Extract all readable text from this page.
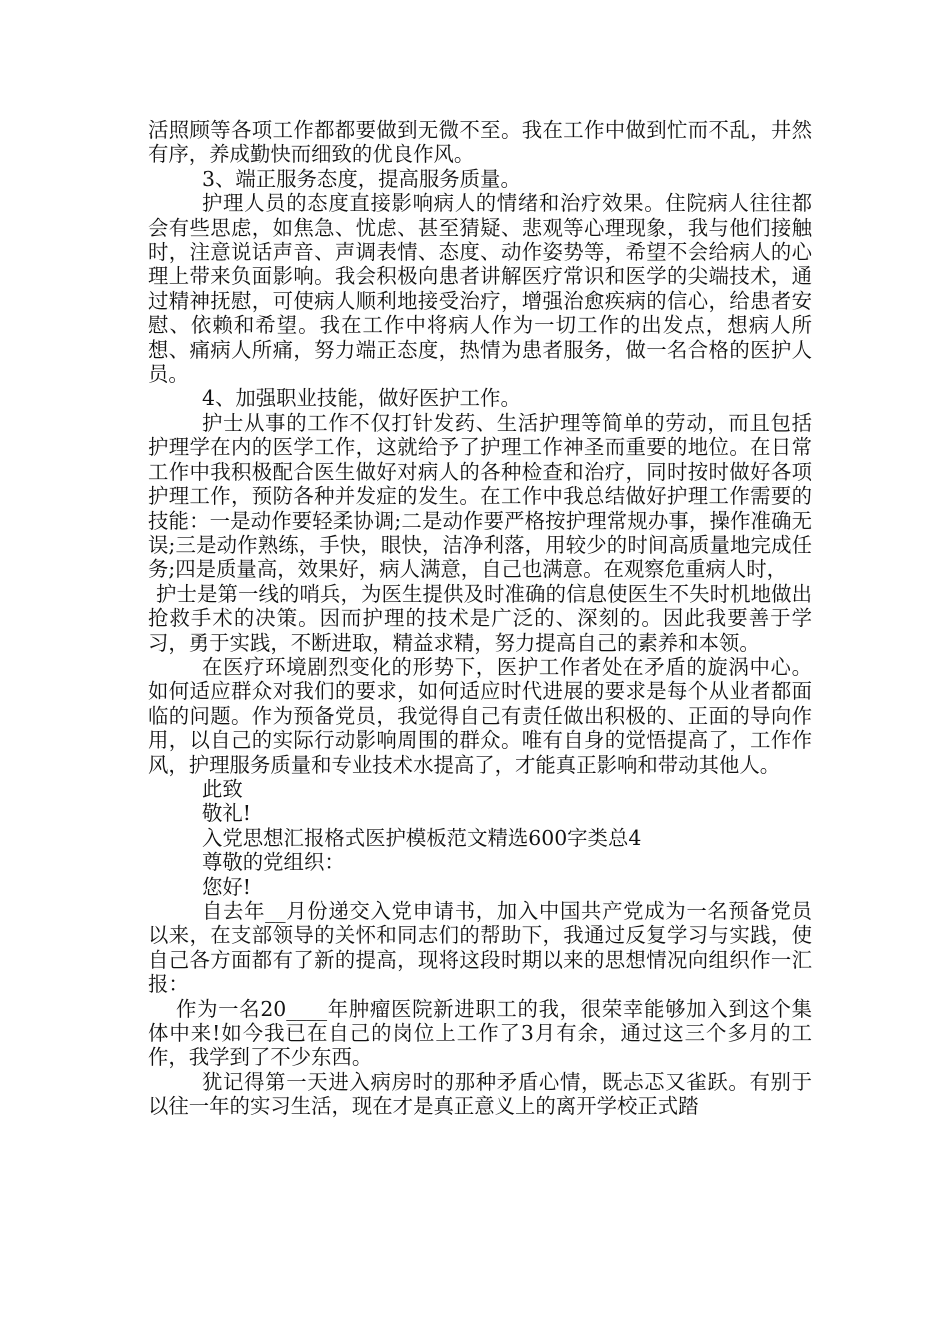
活照顾等各项工作都都要做到无微不至。我在工作中做到忙而不乱，井然有序，养成勤快而细致的优良作风。

3、端正服务态度，提高服务质量。

护理人员的态度直接影响病人的情绪和治疗效果。住院病人往往都会有些思虑，如焦急、忧虑、甚至猜疑、悲观等心理现象，我与他们接触时，注意说话声音、声调表情、态度、动作姿势等，希望不会给病人的心理上带来负面影响。我会积极向患者讲解医疗常识和医学的尖端技术，通过精神抚慰，可使病人顺利地接受治疗，增强治愈疾病的信心，给患者安慰、依赖和希望。我在工作中将病人作为一切工作的出发点，想病人所想、痛病人所痛，努力端正态度，热情为患者服务，做一名合格的医护人员。

4、加强职业技能，做好医护工作。

护士从事的工作不仅打针发药、生活护理等简单的劳动，而且包括护理学在内的医学工作，这就给予了护理工作神圣而重要的地位。在日常工作中我积极配合医生做好对病人的各种检查和治疗，同时按时做好各项护理工作，预防各种并发症的发生。在工作中我总结做好护理工作需要的技能：一是动作要轻柔协调;二是动作要严格按护理常规办事，操作准确无误;三是动作熟练，手快，眼快，洁净利落，用较少的时间高质量地完成任务;四是质量高，效果好，病人满意，自己也满意。在观察危重病人时，

护士是第一线的哨兵，为医生提供及时准确的信息使医生不失时机地做出抢救手术的决策。因而护理的技术是广泛的、深刻的。因此我要善于学习，勇于实践，不断进取，精益求精，努力提高自己的素养和本领。

在医疗环境剧烈变化的形势下，医护工作者处在矛盾的旋涡中心。如何适应群众对我们的要求，如何适应时代进展的要求是每个从业者都面临的问题。作为预备党员，我觉得自己有责任做出积极的、正面的导向作用，以自己的实际行动影响周围的群众。唯有自身的觉悟提高了，工作作风，护理服务质量和专业技术水提高了，才能真正影响和带动其他人。

此致

敬礼!

入党思想汇报格式医护模板范文精选600字类总4

尊敬的党组织：

您好!

自去年__月份递交入党申请书，加入中国共产党成为一名预备党员以来，在支部领导的关怀和同志们的帮助下，我通过反复学习与实践，使自己各方面都有了新的提高，现将这段时期以来的思想情况向组织作一汇报：

作为一名20____年肿瘤医院新进职工的我，很荣幸能够加入到这个集体中来!如今我已在自己的岗位上工作了3月有余，通过这三个多月的工作，我学到了不少东西。

犹记得第一天进入病房时的那种矛盾心情，既忐忑又雀跃。有别于以往一年的实习生活，现在才是真正意义上的离开学校正式踏
